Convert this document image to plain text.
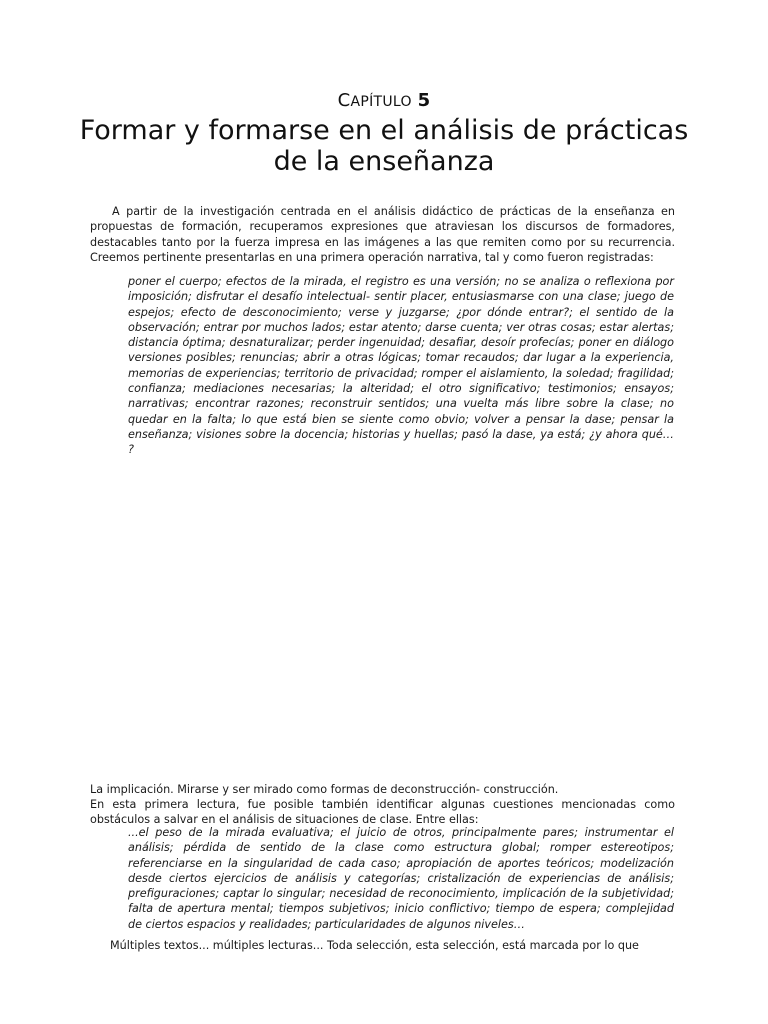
CAPÍTULO 5
Formar y formarse en el análisis de prácticas de la enseñanza

A partir de la investigación centrada en el análisis didáctico de prácticas de la enseñanza en propuestas de formación, recuperamos expresiones que atraviesan los discursos de formadores, destacables tanto por la fuerza impresa en las imágenes a las que remiten como por su recurrencia. Creemos pertinente presentarlas en una primera operación narrativa, tal y como fueron registradas:

poner el cuerpo; efectos de la mirada, el registro es una versión; no se analiza o reflexiona por imposición; disfrutar el desafío intelectual- sentir placer, entusiasmarse con una clase; juego de espejos; efecto de desconocimiento; verse y juzgarse; ¿por dónde entrar?; el sentido de la observación; entrar por muchos lados; estar atento; darse cuenta; ver otras cosas; estar alertas; distancia óptima; desnaturalizar; perder ingenuidad; desafiar, desoír profecías; poner en diálogo versiones posibles; renuncias; abrir a otras lógicas; tomar recaudos; dar lugar a la experiencia, memorias de experiencias; territorio de privacidad; romper el aislamiento, la soledad; fragilidad; confianza; mediaciones necesarias; la alteridad; el otro significativo; testimonios; ensayos; narrativas; encontrar razones; reconstruir sentidos; una vuelta más libre sobre la clase; no quedar en la falta; lo que está bien se siente como obvio; volver a pensar la dase; pensar la enseñanza; visiones sobre la docencia; historias y huellas; pasó la dase, ya está; ¿y ahora qué… ?

La implicación. Mirarse y ser mirado como formas de deconstrucción- construcción.

En esta primera lectura, fue posible también identificar algunas cuestiones mencionadas como obstáculos a salvar en el análisis de situaciones de clase. Entre ellas:

...el peso de la mirada evaluativa; el juicio de otros, principalmente pares; instrumentar el análisis; pérdida de sentido de la clase como estructura global; romper estereotipos; referenciarse en la singularidad de cada caso; apropiación de aportes teóricos; modelización desde ciertos ejercicios de análisis y categorías; cristalización de experiencias de análisis; prefiguraciones; captar lo singular; necesidad de reconocimiento, implicación de la subjetividad; falta de apertura mental; tiempos subjetivos; inicio conflictivo; tiempo de espera; complejidad de ciertos espacios y realidades; particularidades de algunos niveles…

Múltiples textos... múltiples lecturas... Toda selección, esta selección, está marcada por lo que
